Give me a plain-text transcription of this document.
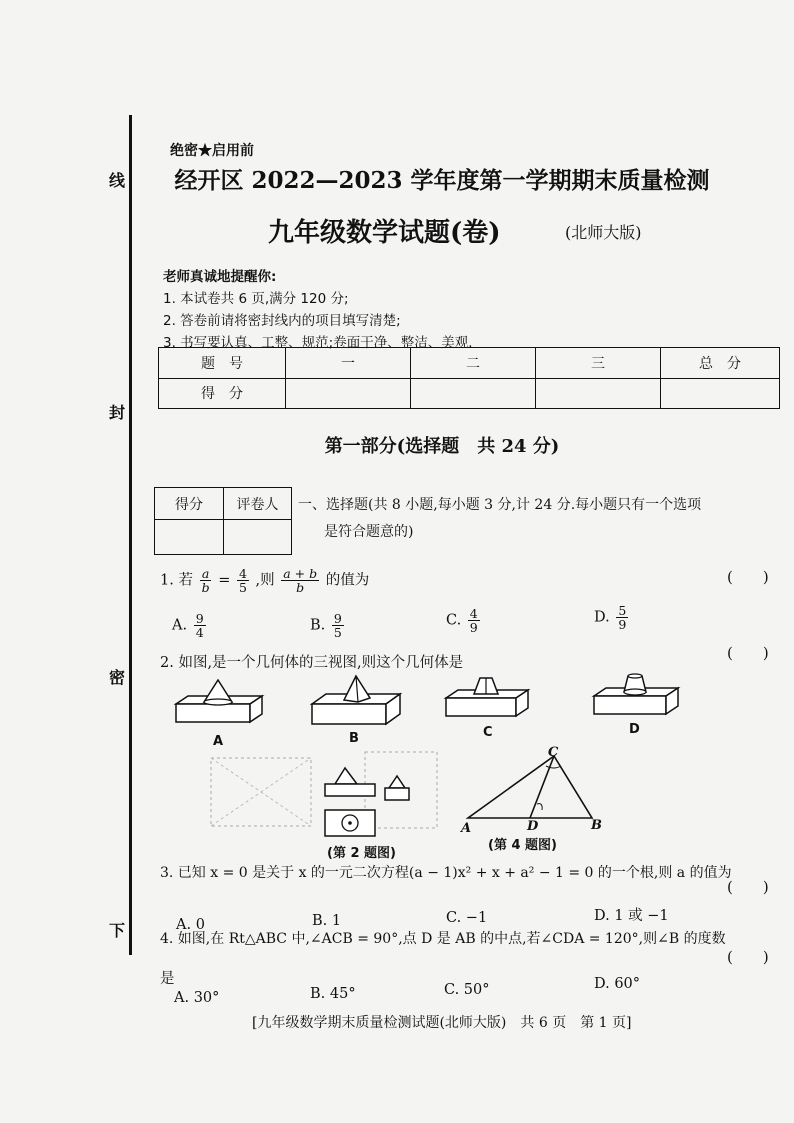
线
封
密
下
绝密★启用前
经开区 2022—2023 学年度第一学期期末质量检测
九年级数学试题(卷)	(北师大版)
老师真诚地提醒你:
1. 本试卷共 6 页,满分 120 分;
2. 答卷前请将密封线内的项目填写清楚;
3. 书写要认真、工整、规范;卷面干净、整洁、美观.
题　号	一	二	三	总　分
得　分				
第一部分(选择题　共 24 分)
得分	评卷人
	一、选择题(共 8 小题,每小题 3 分,计 24 分.每小题只有一个选项
是符合题意的)
1. 若 $\frac{a}{b} = \frac{4}{5}$ ,则 $\frac{a + b}{b}$ 的值为	(　　)
A. $\frac{9}{4}$	B. $\frac{9}{5}$	C. $\frac{4}{9}$	D. $\frac{5}{9}$
2. 如图,是一个几何体的三视图,则这个几何体是
(　　)
A	B	C	D
(第 2 题图)
C
A	D	B
(第 4 题图)
3. 已知 x = 0 是关于 x 的一元二次方程(a − 1)x² + x + a² − 1 = 0 的一个根,则 a 的值为
(　　)
A. 0	B. 1	C. −1	D. 1 或 −1
4. 如图,在 Rt△ABC 中,∠ACB = 90°,点 D 是 AB 的中点,若∠CDA = 120°,则∠B 的度数
是
(　　)
A. 30°	B. 45°	C. 50°	D. 60°
[九年级数学期末质量检测试题(北师大版)　共 6 页　第 1 页]
